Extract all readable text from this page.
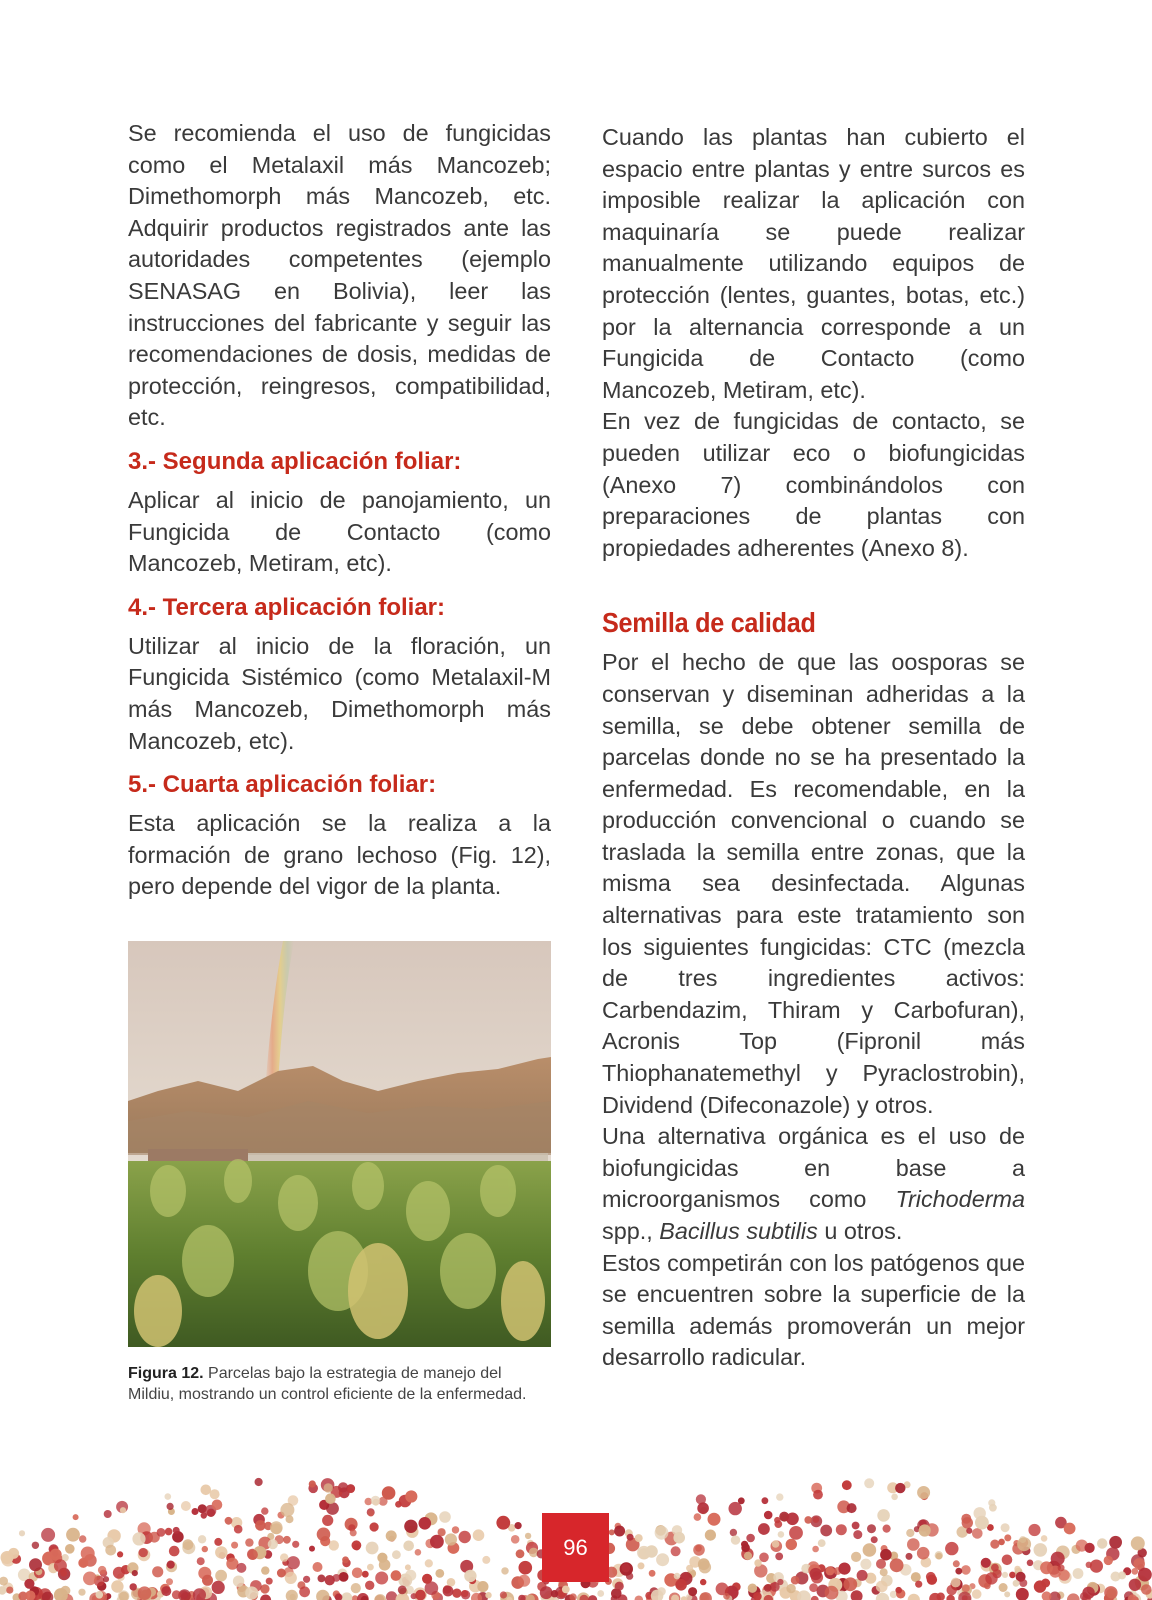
Se recomienda el uso de fungicidas como el Metalaxil más Mancozeb; Dimethomorph más Mancozeb, etc. Adquirir productos registrados ante las autoridades competentes (ejemplo SENASAG en Bolivia), leer las instrucciones del fabricante y seguir las recomendaciones de dosis, medidas de protección, reingresos, compatibilidad, etc.

3.- Segunda aplicación foliar:

Aplicar al inicio de panojamiento, un Fungicida de Contacto (como Mancozeb, Metiram, etc).

4.- Tercera aplicación foliar:

Utilizar al inicio de la floración, un Fungicida Sistémico (como Metalaxil-M más Mancozeb, Dimethomorph más Mancozeb, etc).

5.- Cuarta aplicación foliar:

Esta aplicación se la realiza a la formación de grano lechoso (Fig. 12), pero depende del vigor de la planta.

Figura 12. Parcelas bajo la estrategia de manejo del Mildiu, mostrando un control eficiente de la enfermedad.

Cuando las plantas han cubierto el espacio entre plantas y entre surcos es imposible realizar la aplicación con maquinaría se puede realizar manualmente utilizando equipos de protección (lentes, guantes, botas, etc.) por la alternancia corresponde a un Fungicida de Contacto (como Mancozeb, Metiram, etc).

En vez de fungicidas de contacto, se pueden utilizar eco o biofungicidas (Anexo 7) combinándolos con preparaciones de plantas con propiedades adherentes (Anexo 8).

Semilla de calidad

Por el hecho de que las oosporas se conservan y diseminan adheridas a la semilla, se debe obtener semilla de parcelas donde no se ha presentado la enfermedad. Es recomendable, en la producción convencional o cuando se traslada la semilla entre zonas, que la misma sea desinfectada. Algunas alternativas para este tratamiento son los siguientes fungicidas: CTC (mezcla de tres ingredientes activos: Carbendazim, Thiram y Carbofuran), Acronis Top (Fipronil más Thiophanatemethyl y Pyraclostrobin), Dividend (Difeconazole) y otros.

Una alternativa orgánica es el uso de biofungicidas en base a microorganismos como Trichoderma spp., Bacillus subtilis u otros.

Estos competirán con los patógenos que se encuentren sobre la superficie de la semilla además promoverán un mejor desarrollo radicular.

96
